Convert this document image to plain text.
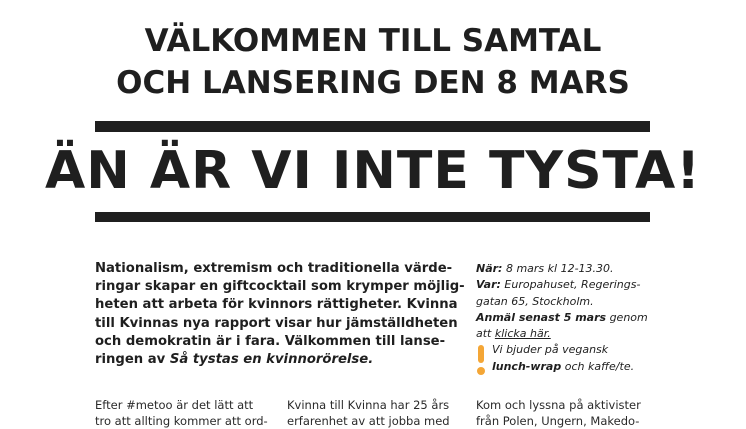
VÄLKOMMEN TILL SAMTAL
OCH LANSERING DEN 8 MARS
ÄN ÄR VI INTE TYSTA!
Nationalism, extremism och traditionella värde-
ringar skapar en giftcocktail som krymper möjlig-
heten att arbeta för kvinnors rättigheter. Kvinna
till Kvinnas nya rapport visar hur jämställdheten
och demokratin är i fara. Välkommen till lanse-
ringen av Så tystas en kvinnorörelse.
När: 8 mars kl 12-13.30.
Var: Europahuset, Regerings-
gatan 65, Stockholm.
Anmäl senast 5 mars genom
att klicka här.
Vi bjuder på vegansk
lunch-wrap och kaffe/te.
Efter #metoo är det lätt att
tro att allting kommer att ord-
Kvinna till Kvinna har 25 års
erfarenhet av att jobba med
Kom och lyssna på aktivister
från Polen, Ungern, Makedo-
